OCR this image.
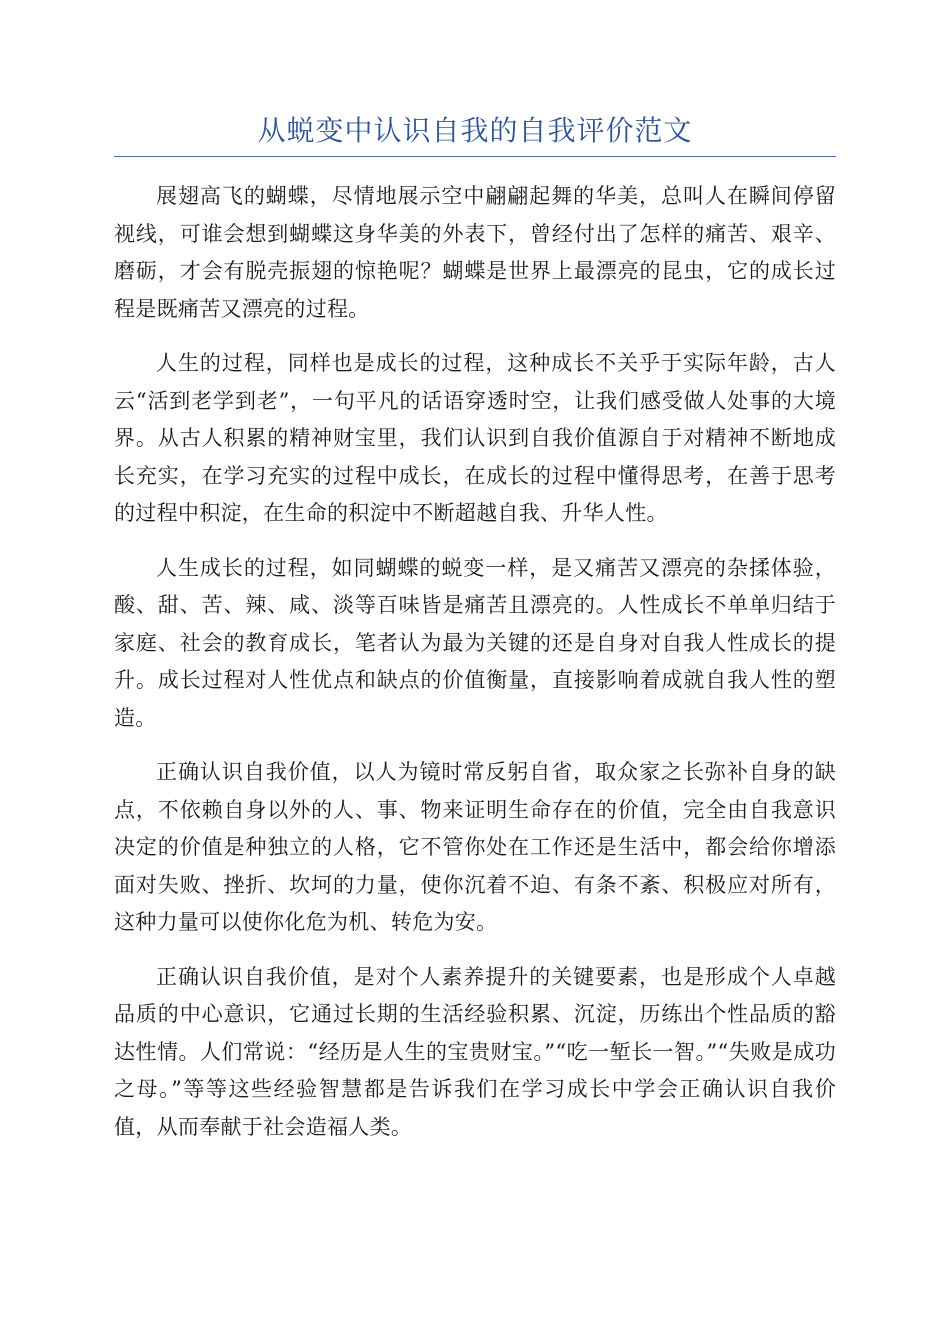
从蜕变中认识自我的自我评价范文

展翅高飞的蝴蝶，尽情地展示空中翩翩起舞的华美，总叫人在瞬间停留视线，可谁会想到蝴蝶这身华美的外表下，曾经付出了怎样的痛苦、艰辛、磨砺，才会有脱壳振翅的惊艳呢？蝴蝶是世界上最漂亮的昆虫，它的成长过程是既痛苦又漂亮的过程。

人生的过程，同样也是成长的过程，这种成长不关乎于实际年龄，古人云“活到老学到老”，一句平凡的话语穿透时空，让我们感受做人处事的大境界。从古人积累的精神财宝里，我们认识到自我价值源自于对精神不断地成长充实，在学习充实的过程中成长，在成长的过程中懂得思考，在善于思考的过程中积淀，在生命的积淀中不断超越自我、升华人性。

人生成长的过程，如同蝴蝶的蜕变一样，是又痛苦又漂亮的杂揉体验，酸、甜、苦、辣、咸、淡等百味皆是痛苦且漂亮的。人性成长不单单归结于家庭、社会的教育成长，笔者认为最为关键的还是自身对自我人性成长的提升。成长过程对人性优点和缺点的价值衡量，直接影响着成就自我人性的塑造。

正确认识自我价值，以人为镜时常反躬自省，取众家之长弥补自身的缺点，不依赖自身以外的人、事、物来证明生命存在的价值，完全由自我意识决定的价值是种独立的人格，它不管你处在工作还是生活中，都会给你增添面对失败、挫折、坎坷的力量，使你沉着不迫、有条不紊、积极应对所有，这种力量可以使你化危为机、转危为安。

正确认识自我价值，是对个人素养提升的关键要素，也是形成个人卓越品质的中心意识，它通过长期的生活经验积累、沉淀，历练出个性品质的豁达性情。人们常说：“经历是人生的宝贵财宝。”“吃一堑长一智。”“失败是成功之母。”等等这些经验智慧都是告诉我们在学习成长中学会正确认识自我价值，从而奉献于社会造福人类。
